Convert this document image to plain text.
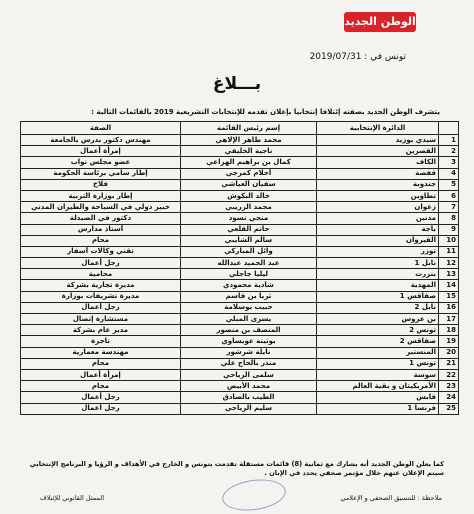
الوطن الجديد
تونس في : 2019/07/31
بـــلاغ
يتشرف الوطن الجديد بصفته إئتلافا إنتخابيا بإعلان تقدمه للإنتخابات التشريعية 2019 بالقائمات التالية :
	الدائرة الإنتخابية	إسم رئيس القائمة	الصفة
1	سيدي بوزيد	محمد طاهر الإلاهي	مهندس دكتور بدرس بالجامعة
2	القصرين	ناجية الخليفي	إمرأة أعمال
3	الكاف	كمال بن براهيم الهزاعي	عضو مجلس نواب
4	قفصة	أحلام كمرجي	إطار سامي برئاسة الحكومة
5	جندوبة	سفيان العياشي	فلاح
6	تطاوين	خالد البكوش	إطار بوزارة التربية
7	زغوان	محمد الزريبي	خبير دولي في السياحة والطيران المدني
8	مدنين	منجي نسود	دكتور في الصيدلة
9	باجة	حاتم القلعي	أستاذ مدارس
10	القيروان	سالم الشايبي	محام
11	توزر	وائل المباركي	تقني وكالات أسفار
12	نابل 1	عبد الحميد عبدالله	رجل أعمال
13	بنزرت	ليليا جاجلي	محامية
14	المهدية	شادية محمودي	مديرة تجارية بشركة
15	صفاقس 1	ثريا بن قاسم	مديرة تشريفات بوزارة
16	نابل 2	حبيب بوسلامة	رجل أعمال
17	بن عروس	يسرى المبلي	مستشارة إتصال
18	تونس 2	المنصف بن منصور	مدير عام بشركة
19	صفاقس 2	بوثينة عويساوي	تاجرة
20	المنستير	نايلة شرشور	مهندسة معمارية
21	تونس 1	منذر بالحاج علي	محام
22	سوسة	سلمى الرياحي	إمرأة أعمال
23	الأمريكيتان و بقية العالم	محمد الأبيض	محام
24	قابس	الطيب بالصادق	رجل أعمال
25	فرنسا 1	سليم الرياحي	رجل أعمال
كما يعلن الوطن الجديد أنه يشارك مع ثمانية (8) قائمات مستقلة تقدمت بتونس و الخارج في الأهداف و الرؤيا و البرنامج الإنتخابي سيتم الإعلان عنهم خلال مؤتمر صحفي يحدد في الإبان .
الممثل القانوني للإئتلاف	ملاحظة : للتنسيق الصحفي و الإعلامي
